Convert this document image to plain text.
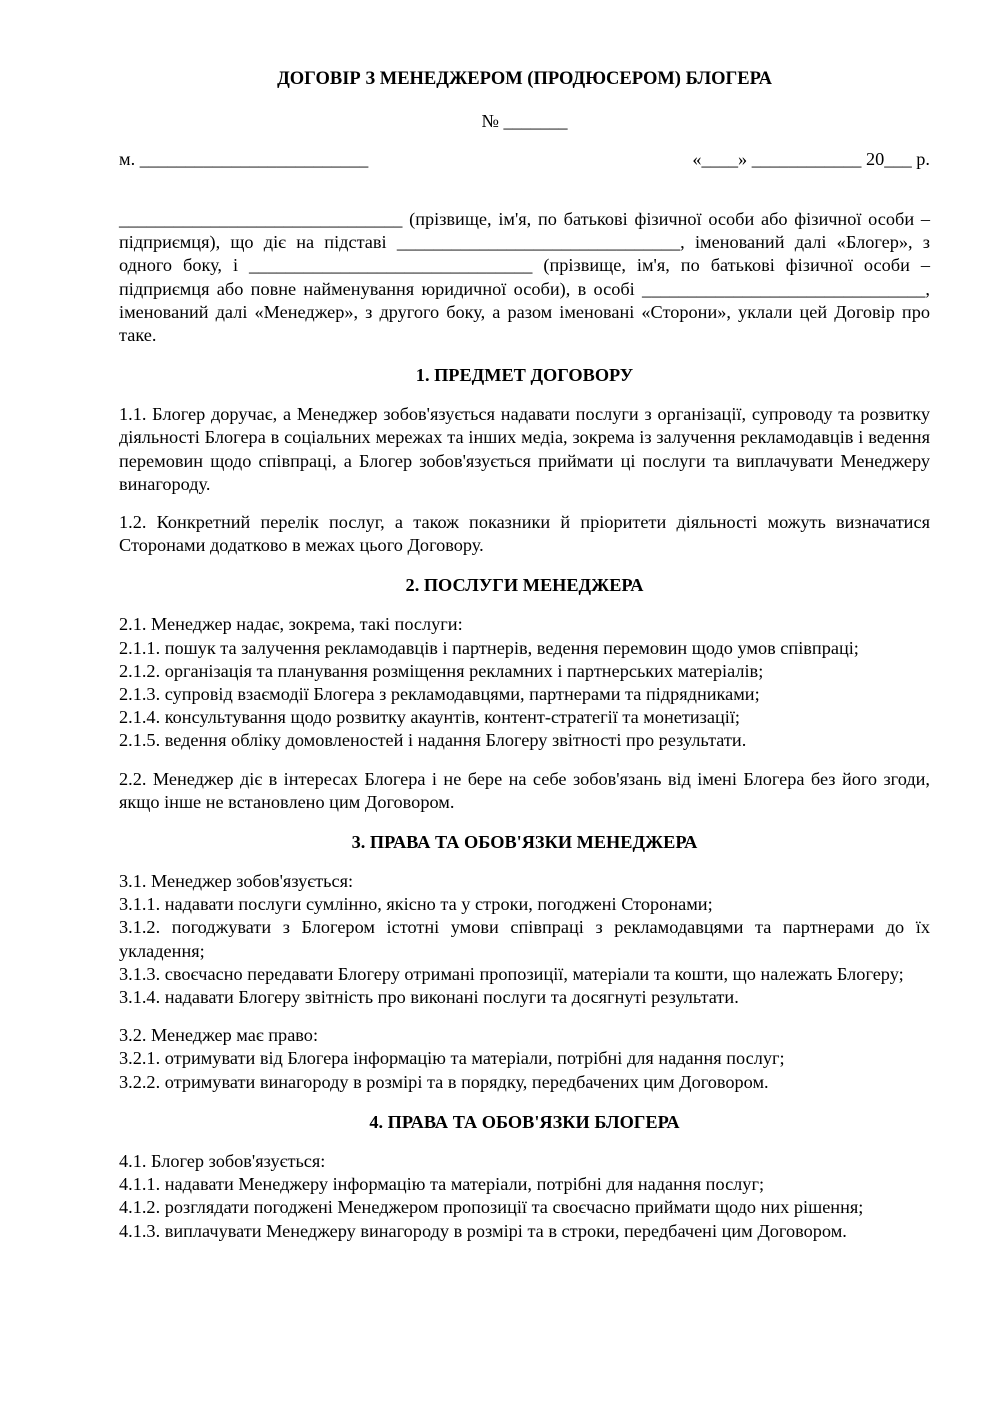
ДОГОВІР З МЕНЕДЖЕРОМ (ПРОДЮСЕРОМ) БЛОГЕРА
№ _______
м. _________________________	«____» ____________ 20___ р.

_______________________________ (прізвище, ім'я, по батькові фізичної особи або фізичної особи – підприємця), що діє на підставі _______________________________, іменований далі «Блогер», з одного боку, і _______________________________ (прізвище, ім'я, по батькові фізичної особи – підприємця або повне найменування юридичної особи), в особі _______________________________, іменований далі «Менеджер», з другого боку, а разом іменовані «Сторони», уклали цей Договір про таке.

1. ПРЕДМЕТ ДОГОВОРУ

1.1. Блогер доручає, а Менеджер зобов'язується надавати послуги з організації, супроводу та розвитку діяльності Блогера в соціальних мережах та інших медіа, зокрема із залучення рекламодавців і ведення перемовин щодо співпраці, а Блогер зобов'язується приймати ці послуги та виплачувати Менеджеру винагороду.

1.2. Конкретний перелік послуг, а також показники й пріоритети діяльності можуть визначатися Сторонами додатково в межах цього Договору.

2. ПОСЛУГИ МЕНЕДЖЕРА

2.1. Менеджер надає, зокрема, такі послуги:

2.1.1. пошук та залучення рекламодавців і партнерів, ведення перемовин щодо умов співпраці;

2.1.2. організація та планування розміщення рекламних і партнерських матеріалів;

2.1.3. супровід взаємодії Блогера з рекламодавцями, партнерами та підрядниками;

2.1.4. консультування щодо розвитку акаунтів, контент-стратегії та монетизації;

2.1.5. ведення обліку домовленостей і надання Блогеру звітності про результати.

2.2. Менеджер діє в інтересах Блогера і не бере на себе зобов'язань від імені Блогера без його згоди, якщо інше не встановлено цим Договором.

3. ПРАВА ТА ОБОВ'ЯЗКИ МЕНЕДЖЕРА

3.1. Менеджер зобов'язується:

3.1.1. надавати послуги сумлінно, якісно та у строки, погоджені Сторонами;

3.1.2. погоджувати з Блогером істотні умови співпраці з рекламодавцями та партнерами до їх укладення;

3.1.3. своєчасно передавати Блогеру отримані пропозиції, матеріали та кошти, що належать Блогеру;

3.1.4. надавати Блогеру звітність про виконані послуги та досягнуті результати.

3.2. Менеджер має право:

3.2.1. отримувати від Блогера інформацію та матеріали, потрібні для надання послуг;

3.2.2. отримувати винагороду в розмірі та в порядку, передбачених цим Договором.

4. ПРАВА ТА ОБОВ'ЯЗКИ БЛОГЕРА

4.1. Блогер зобов'язується:

4.1.1. надавати Менеджеру інформацію та матеріали, потрібні для надання послуг;

4.1.2. розглядати погоджені Менеджером пропозиції та своєчасно приймати щодо них рішення;

4.1.3. виплачувати Менеджеру винагороду в розмірі та в строки, передбачені цим Договором.
